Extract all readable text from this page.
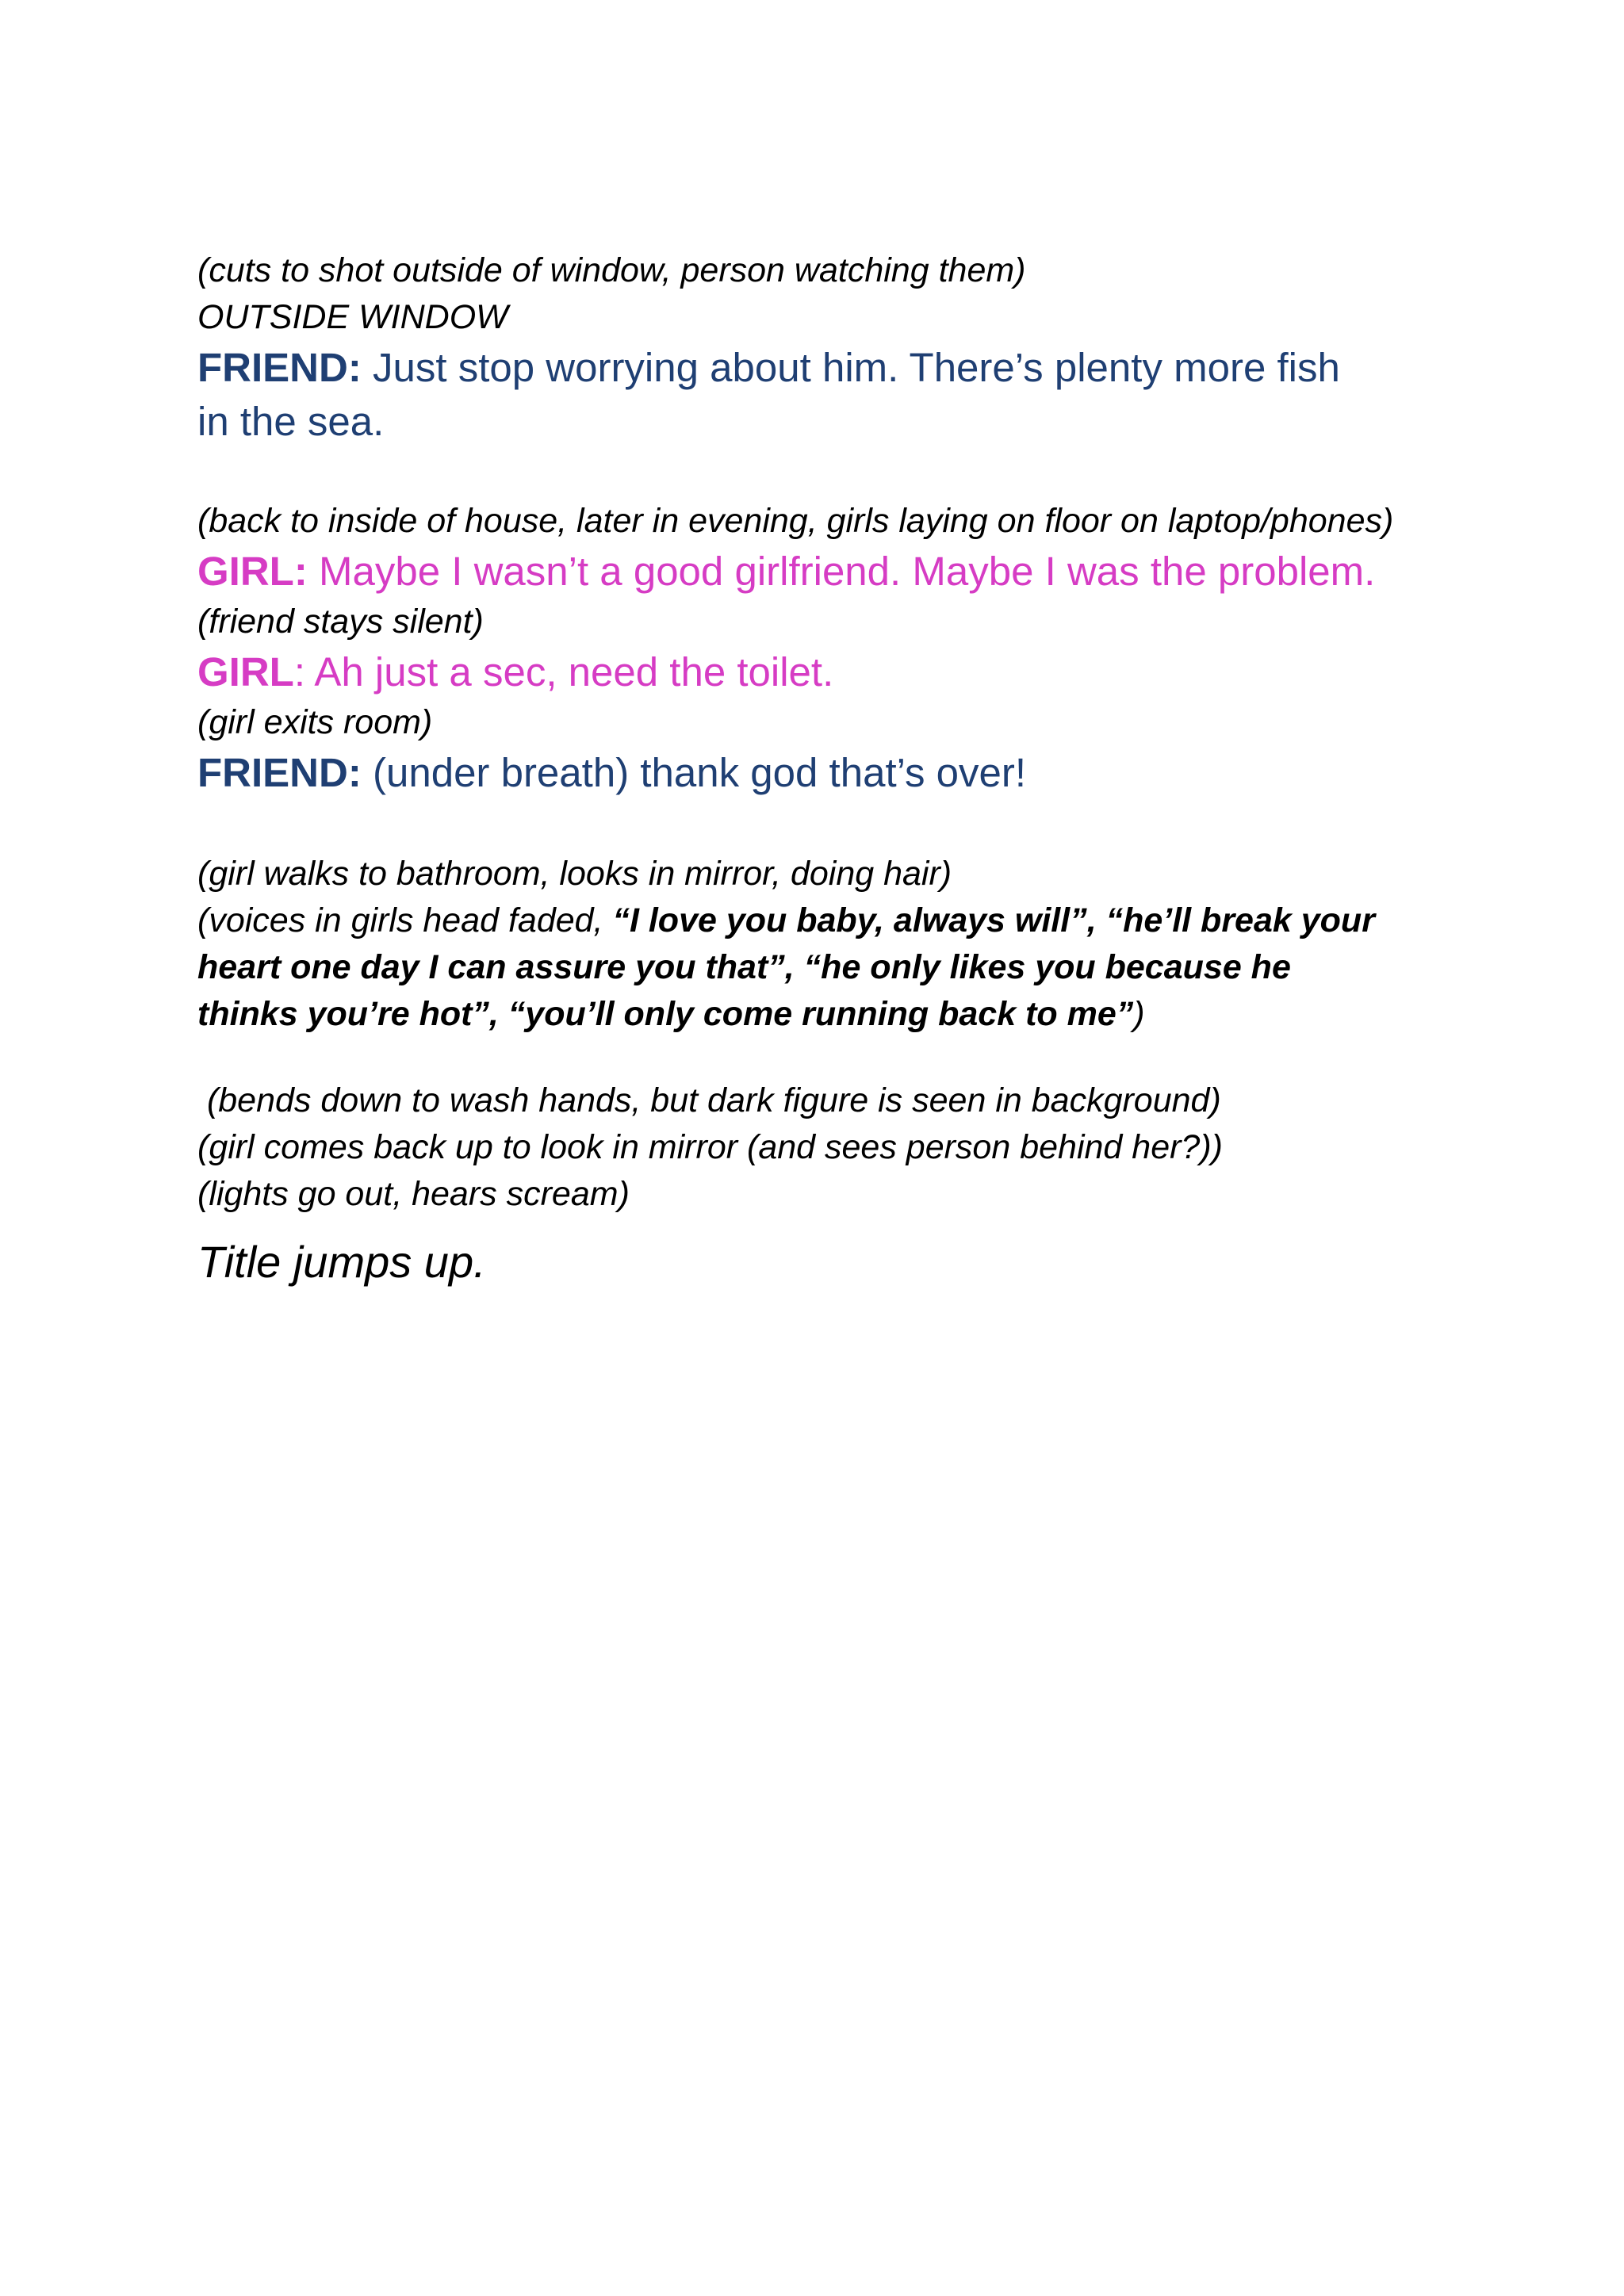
(cuts to shot outside of window, person watching them)
OUTSIDE WINDOW
FRIEND: Just stop worrying about him. There’s plenty more fish in the sea.
(back to inside of house, later in evening, girls laying on floor on laptop/phones)
GIRL: Maybe I wasn’t a good girlfriend. Maybe I was the problem.
(friend stays silent)
GIRL: Ah just a sec, need the toilet.
(girl exits room)
FRIEND: (under breath) thank god that’s over!
(girl walks to bathroom, looks in mirror, doing hair)
(voices in girls head faded, “I love you baby, always will”, “he’ll break your heart one day I can assure you that”, “he only likes you because he thinks you’re hot”, “you’ll only come running back to me”)
(bends down to wash hands, but dark figure is seen in background)
(girl comes back up to look in mirror (and sees person behind her?))
(lights go out, hears scream)
Title jumps up.
